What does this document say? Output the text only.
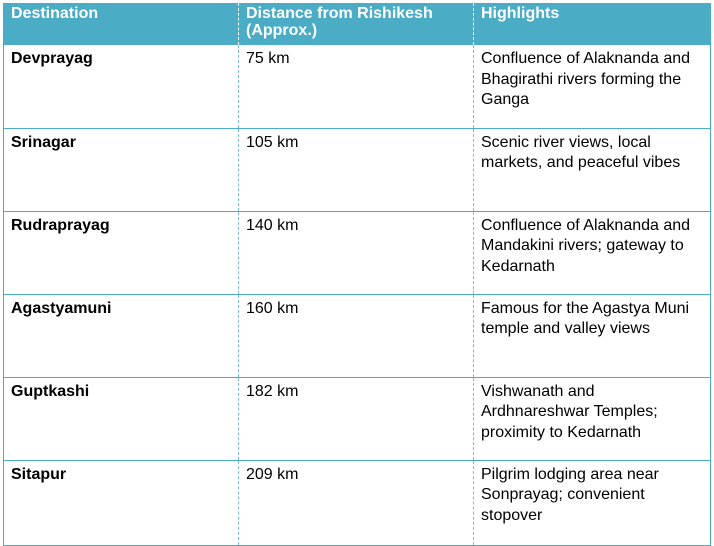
Destination	Distance from Rishikesh (Approx.)	Highlights
Devprayag	75 km	Confluence of Alaknanda and Bhagirathi rivers forming the Ganga
Srinagar	105 km	Scenic river views, local markets, and peaceful vibes
Rudraprayag	140 km	Confluence of Alaknanda and Mandakini rivers; gateway to Kedarnath
Agastyamuni	160 km	Famous for the Agastya Muni temple and valley views
Guptkashi	182 km	Vishwanath and Ardhnareshwar Temples; proximity to Kedarnath
Sitapur	209 km	Pilgrim lodging area near Sonprayag; convenient stopover
